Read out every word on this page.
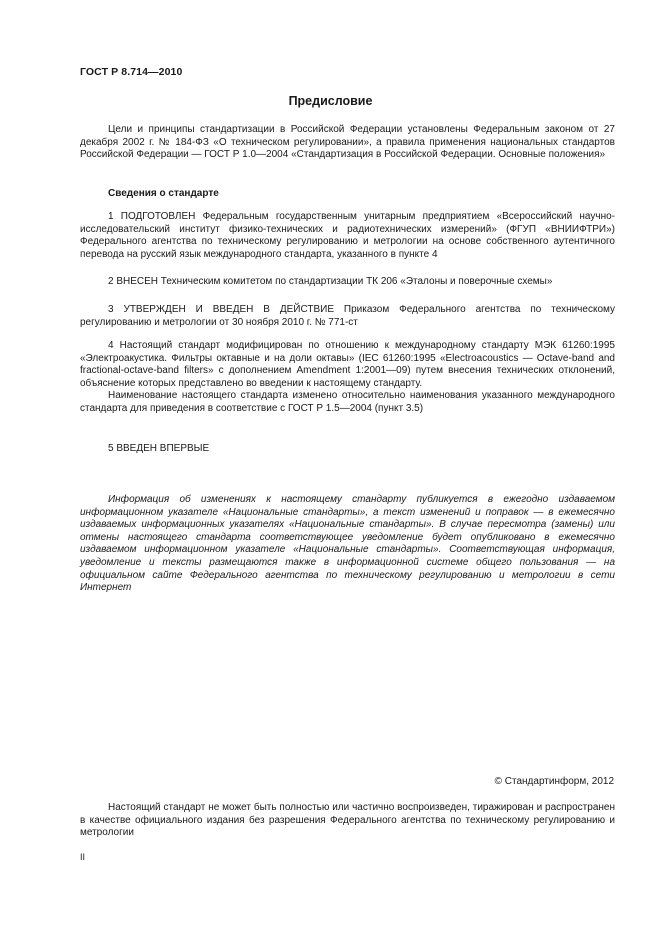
ГОСТ Р 8.714—2010
Предисловие

Цели и принципы стандартизации в Российской Федерации установлены Федеральным законом от 27 декабря 2002 г. № 184-ФЗ «О техническом регулировании», а правила применения национальных стандартов Российской Федерации — ГОСТ Р 1.0—2004 «Стандартизация в Российской Федерации. Основные положения»

Сведения о стандарте

1 ПОДГОТОВЛЕН Федеральным государственным унитарным предприятием «Всероссийский научно-исследовательский институт физико-технических и радиотехнических измерений» (ФГУП «ВНИИФТРИ») Федерального агентства по техническому регулированию и метрологии на основе собственного аутентичного перевода на русский язык международного стандарта, указанного в пункте 4

2 ВНЕСЕН Техническим комитетом по стандартизации ТК 206 «Эталоны и поверочные схемы»

3 УТВЕРЖДЕН И ВВЕДЕН В ДЕЙСТВИЕ Приказом Федерального агентства по техническому регулированию и метрологии от 30 ноября 2010 г. № 771-ст

4 Настоящий стандарт модифицирован по отношению к международному стандарту МЭК 61260:1995 «Электроакустика. Фильтры октавные и на доли октавы» (IEC 61260:1995 «Electroacoustics — Octave-band and fractional-octave-band filters» с дополнением Amendment 1:2001—09) путем внесения технических отклонений, объяснение которых представлено во введении к настоящему стандарту.

Наименование настоящего стандарта изменено относительно наименования указанного международного стандарта для приведения в соответствие с ГОСТ Р 1.5—2004 (пункт 3.5)

5 ВВЕДЕН ВПЕРВЫЕ

Информация об изменениях к настоящему стандарту публикуется в ежегодно издаваемом информационном указателе «Национальные стандарты», а текст изменений и поправок — в ежемесячно издаваемых информационных указателях «Национальные стандарты». В случае пересмотра (замены) или отмены настоящего стандарта соответствующее уведомление будет опубликовано в ежемесячно издаваемом информационном указателе «Национальные стандарты». Соответствующая информация, уведомление и тексты размещаются также в информационной системе общего пользования — на официальном сайте Федерального агентства по техническому регулированию и метрологии в сети Интернет

© Стандартинформ, 2012

Настоящий стандарт не может быть полностью или частично воспроизведен, тиражирован и распространен в качестве официального издания без разрешения Федерального агентства по техническому регулированию и метрологии

II
